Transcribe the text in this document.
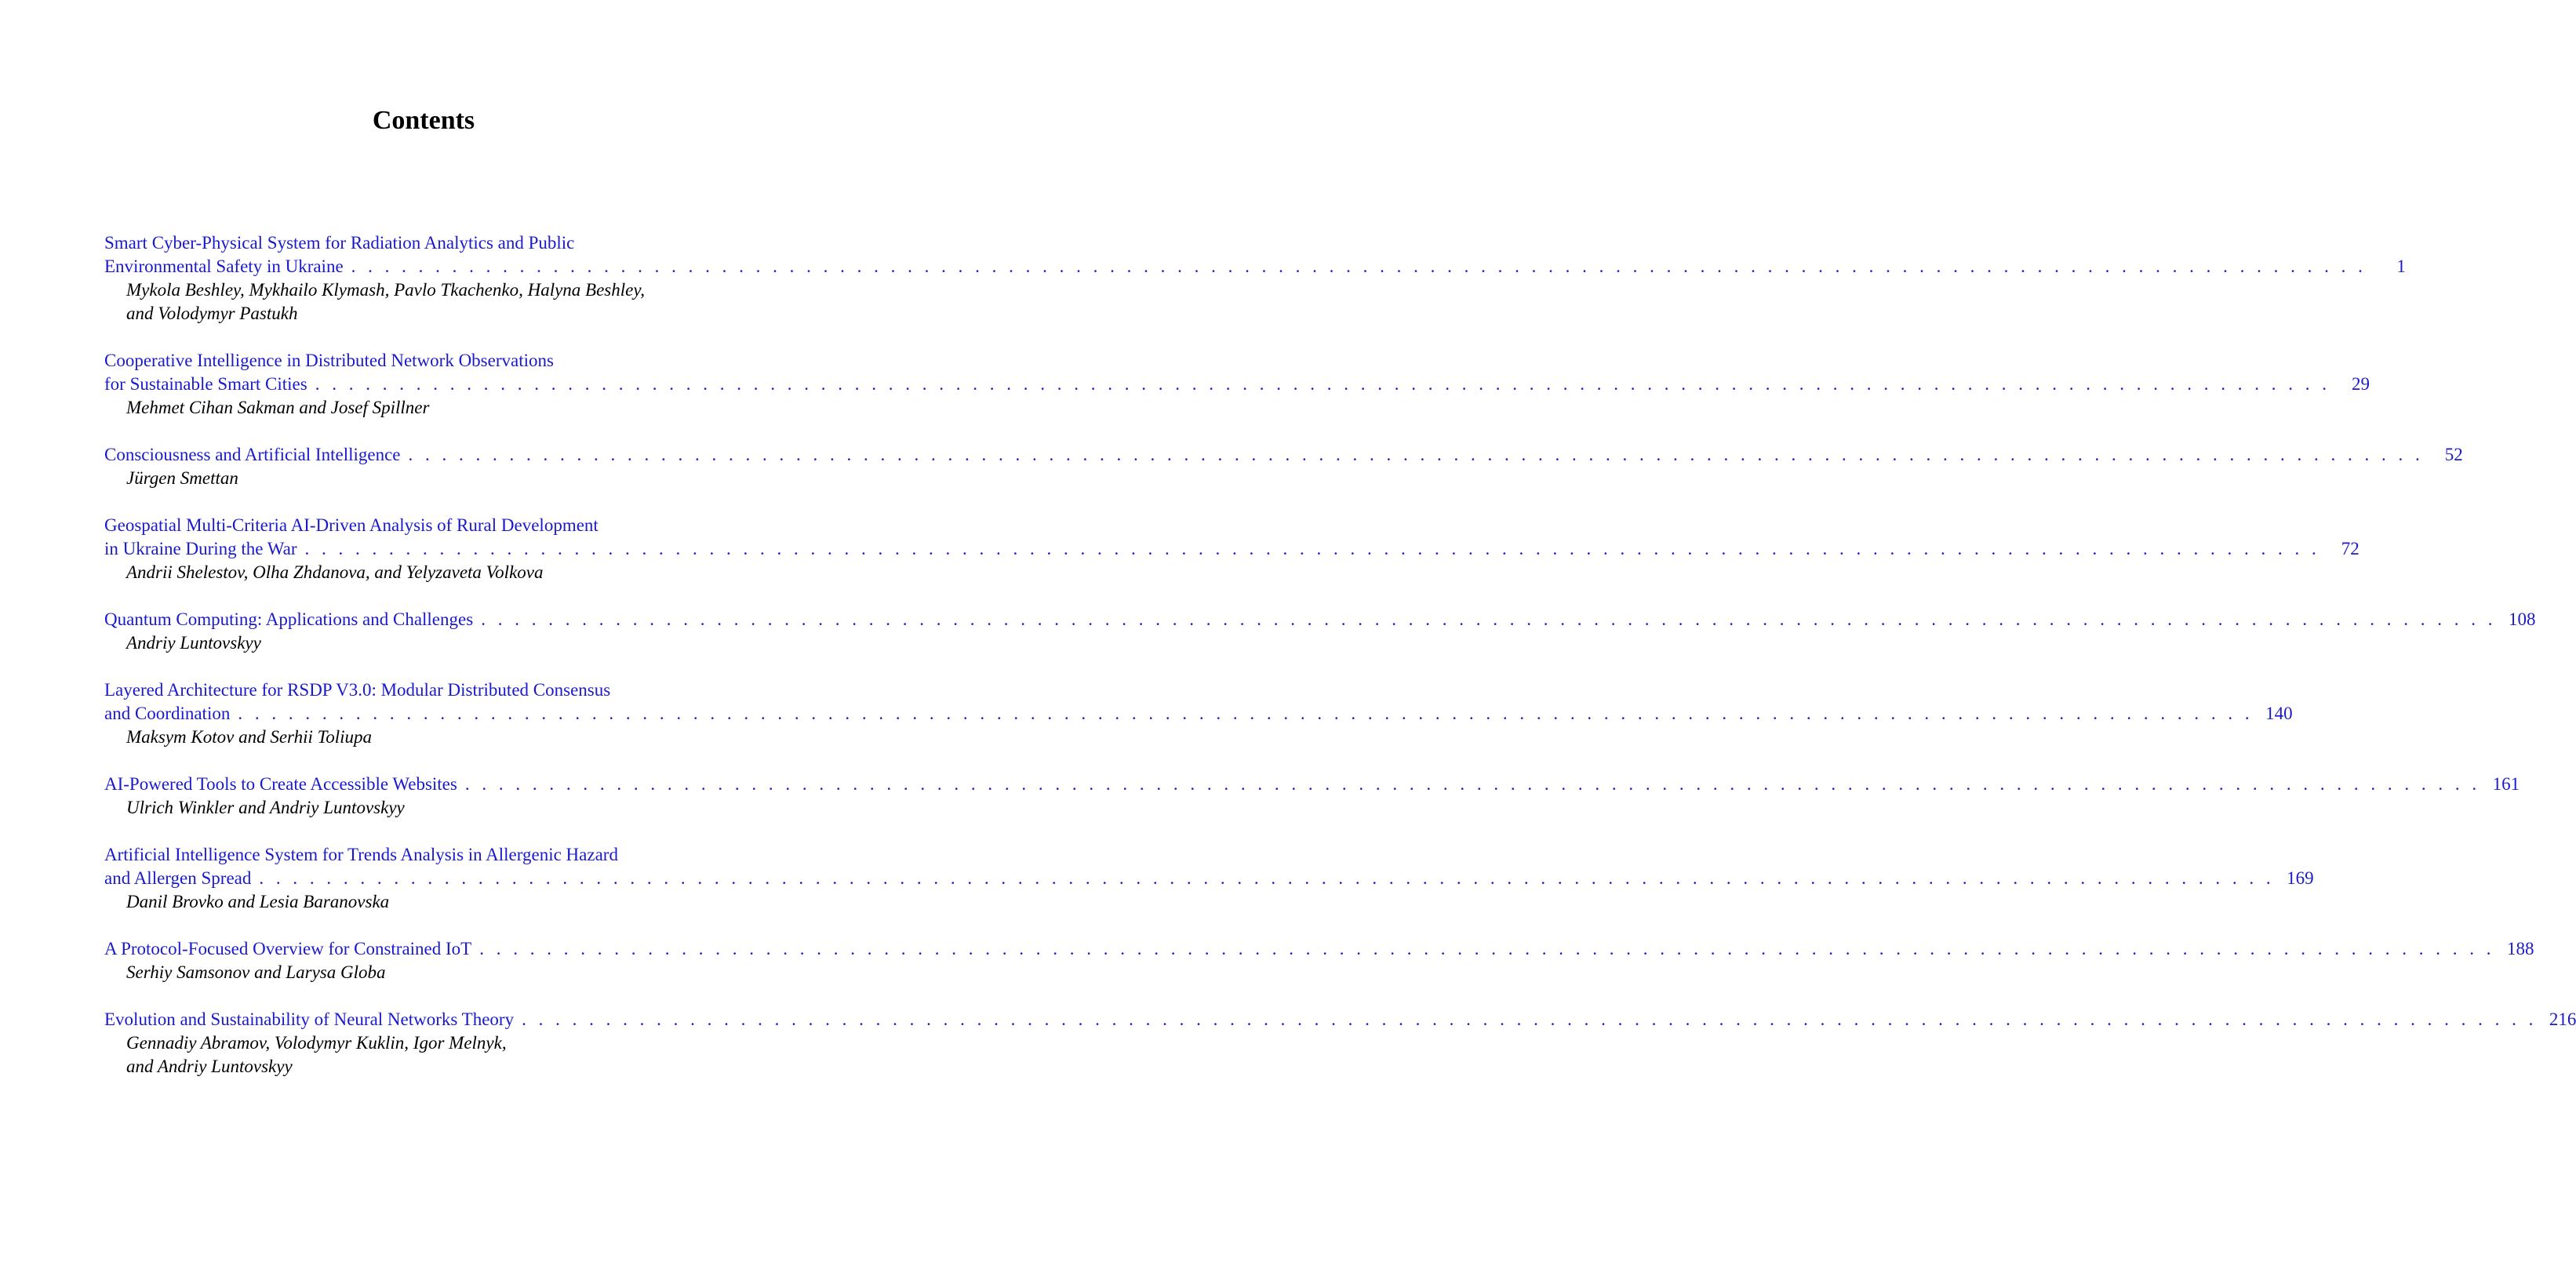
Contents
Smart Cyber-Physical System for Radiation Analytics and Public
Environmental Safety in Ukraine . . . . . . . . . . . . . . . . . . . . . . . . . . . . . . . . . . . . . . . . . . . . . . . . . . . . . . . . . . . . . . . . . . . . . . . . . . . . . . . . . . . . . . . . . . . . . . . . . . . . . . . . . . . . . . . . . . . . . . . .	1
Mykola Beshley, Mykhailo Klymash, Pavlo Tkachenko, Halyna Beshley,
and Volodymyr Pastukh
Cooperative Intelligence in Distributed Network Observations
for Sustainable Smart Cities . . . . . . . . . . . . . . . . . . . . . . . . . . . . . . . . . . . . . . . . . . . . . . . . . . . . . . . . . . . . . . . . . . . . . . . . . . . . . . . . . . . . . . . . . . . . . . . . . . . . . . . . . . . . . . . . . . . . . . . .	29
Mehmet Cihan Sakman and Josef Spillner
Consciousness and Artificial Intelligence . . . . . . . . . . . . . . . . . . . . . . . . . . . . . . . . . . . . . . . . . . . . . . . . . . . . . . . . . . . . . . . . . . . . . . . . . . . . . . . . . . . . . . . . . . . . . . . . . . . . . . . . . . . . . . . . . . . . . . . .	52
Jürgen Smettan
Geospatial Multi-Criteria AI-Driven Analysis of Rural Development
in Ukraine During the War . . . . . . . . . . . . . . . . . . . . . . . . . . . . . . . . . . . . . . . . . . . . . . . . . . . . . . . . . . . . . . . . . . . . . . . . . . . . . . . . . . . . . . . . . . . . . . . . . . . . . . . . . . . . . . . . . . . . . . . .	72
Andrii Shelestov, Olha Zhdanova, and Yelyzaveta Volkova
Quantum Computing: Applications and Challenges . . . . . . . . . . . . . . . . . . . . . . . . . . . . . . . . . . . . . . . . . . . . . . . . . . . . . . . . . . . . . . . . . . . . . . . . . . . . . . . . . . . . . . . . . . . . . . . . . . . . . . . . . . . . . . . . . . . . . . . . 108
Andriy Luntovskyy
Layered Architecture for RSDP V3.0: Modular Distributed Consensus
and Coordination . . . . . . . . . . . . . . . . . . . . . . . . . . . . . . . . . . . . . . . . . . . . . . . . . . . . . . . . . . . . . . . . . . . . . . . . . . . . . . . . . . . . . . . . . . . . . . . . . . . . . . . . . . . . . . . . . . . . . . . . 140
Maksym Kotov and Serhii Toliupa
AI-Powered Tools to Create Accessible Websites . . . . . . . . . . . . . . . . . . . . . . . . . . . . . . . . . . . . . . . . . . . . . . . . . . . . . . . . . . . . . . . . . . . . . . . . . . . . . . . . . . . . . . . . . . . . . . . . . . . . . . . . . . . . . . . . . . . . . . . . 161
Ulrich Winkler and Andriy Luntovskyy
Artificial Intelligence System for Trends Analysis in Allergenic Hazard
and Allergen Spread . . . . . . . . . . . . . . . . . . . . . . . . . . . . . . . . . . . . . . . . . . . . . . . . . . . . . . . . . . . . . . . . . . . . . . . . . . . . . . . . . . . . . . . . . . . . . . . . . . . . . . . . . . . . . . . . . . . . . . . . 169
Danil Brovko and Lesia Baranovska
A Protocol-Focused Overview for Constrained IoT . . . . . . . . . . . . . . . . . . . . . . . . . . . . . . . . . . . . . . . . . . . . . . . . . . . . . . . . . . . . . . . . . . . . . . . . . . . . . . . . . . . . . . . . . . . . . . . . . . . . . . . . . . . . . . . . . . . . . . . . 188
Serhiy Samsonov and Larysa Globa
Evolution and Sustainability of Neural Networks Theory . . . . . . . . . . . . . . . . . . . . . . . . . . . . . . . . . . . . . . . . . . . . . . . . . . . . . . . . . . . . . . . . . . . . . . . . . . . . . . . . . . . . . . . . . . . . . . . . . . . . . . . . . . . . . . . . . . . . . . . . 216
Gennadiy Abramov, Volodymyr Kuklin, Igor Melnyk,
and Andriy Luntovskyy
